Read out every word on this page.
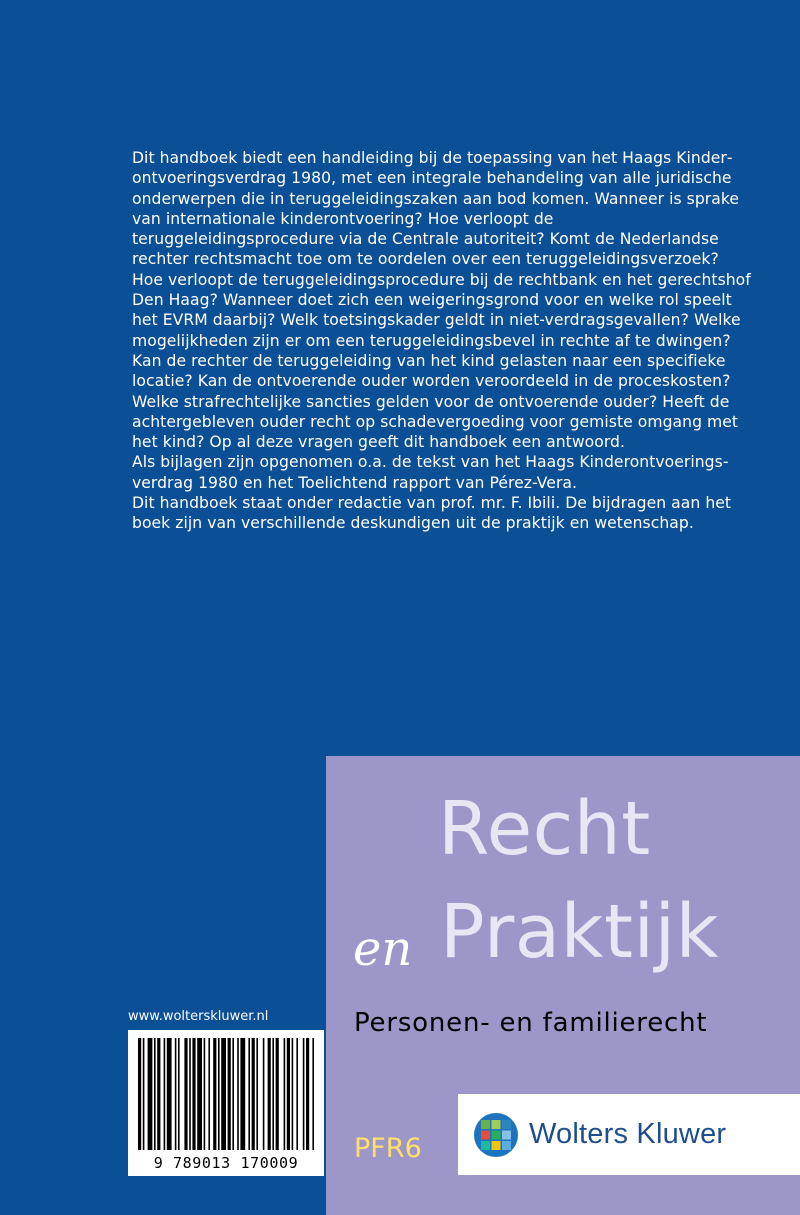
Dit handboek biedt een handleiding bij de toepassing van het Haags Kinderontvoeringsverdrag 1980, met een integrale behandeling van alle juridische onderwerpen die in teruggeleidingszaken aan bod komen. Wanneer is sprake van internationale kinderontvoering? Hoe verloopt de teruggeleidingsprocedure via de Centrale autoriteit? Komt de Nederlandse rechter rechtsmacht toe om te oordelen over een teruggeleidingsverzoek? Hoe verloopt de teruggeleidingsprocedure bij de rechtbank en het gerechtshof Den Haag? Wanneer doet zich een weigeringsgrond voor en welke rol speelt het EVRM daarbij? Welk toetsingskader geldt in niet-verdragsgevallen? Welke mogelijkheden zijn er om een teruggeleidingsbevel in rechte af te dwingen? Kan de rechter de teruggeleiding van het kind gelasten naar een specifieke locatie? Kan de ontvoerende ouder worden veroordeeld in de proceskosten? Welke strafrechtelijke sancties gelden voor de ontvoerende ouder? Heeft de achtergebleven ouder recht op schadevergoeding voor gemiste omgang met het kind? Op al deze vragen geeft dit handboek een antwoord.

Als bijlagen zijn opgenomen o.a. de tekst van het Haags Kinderontvoeringsverdrag 1980 en het Toelichtend rapport van Pérez-Vera.

Dit handboek staat onder redactie van prof. mr. F. Ibili. De bijdragen aan het boek zijn van verschillende deskundigen uit de praktijk en wetenschap.

Recht
en Praktijk
Personen- en familierecht
PFR6	Wolters Kluwer
www.wolterskluwer.nl
9 789013 170009
